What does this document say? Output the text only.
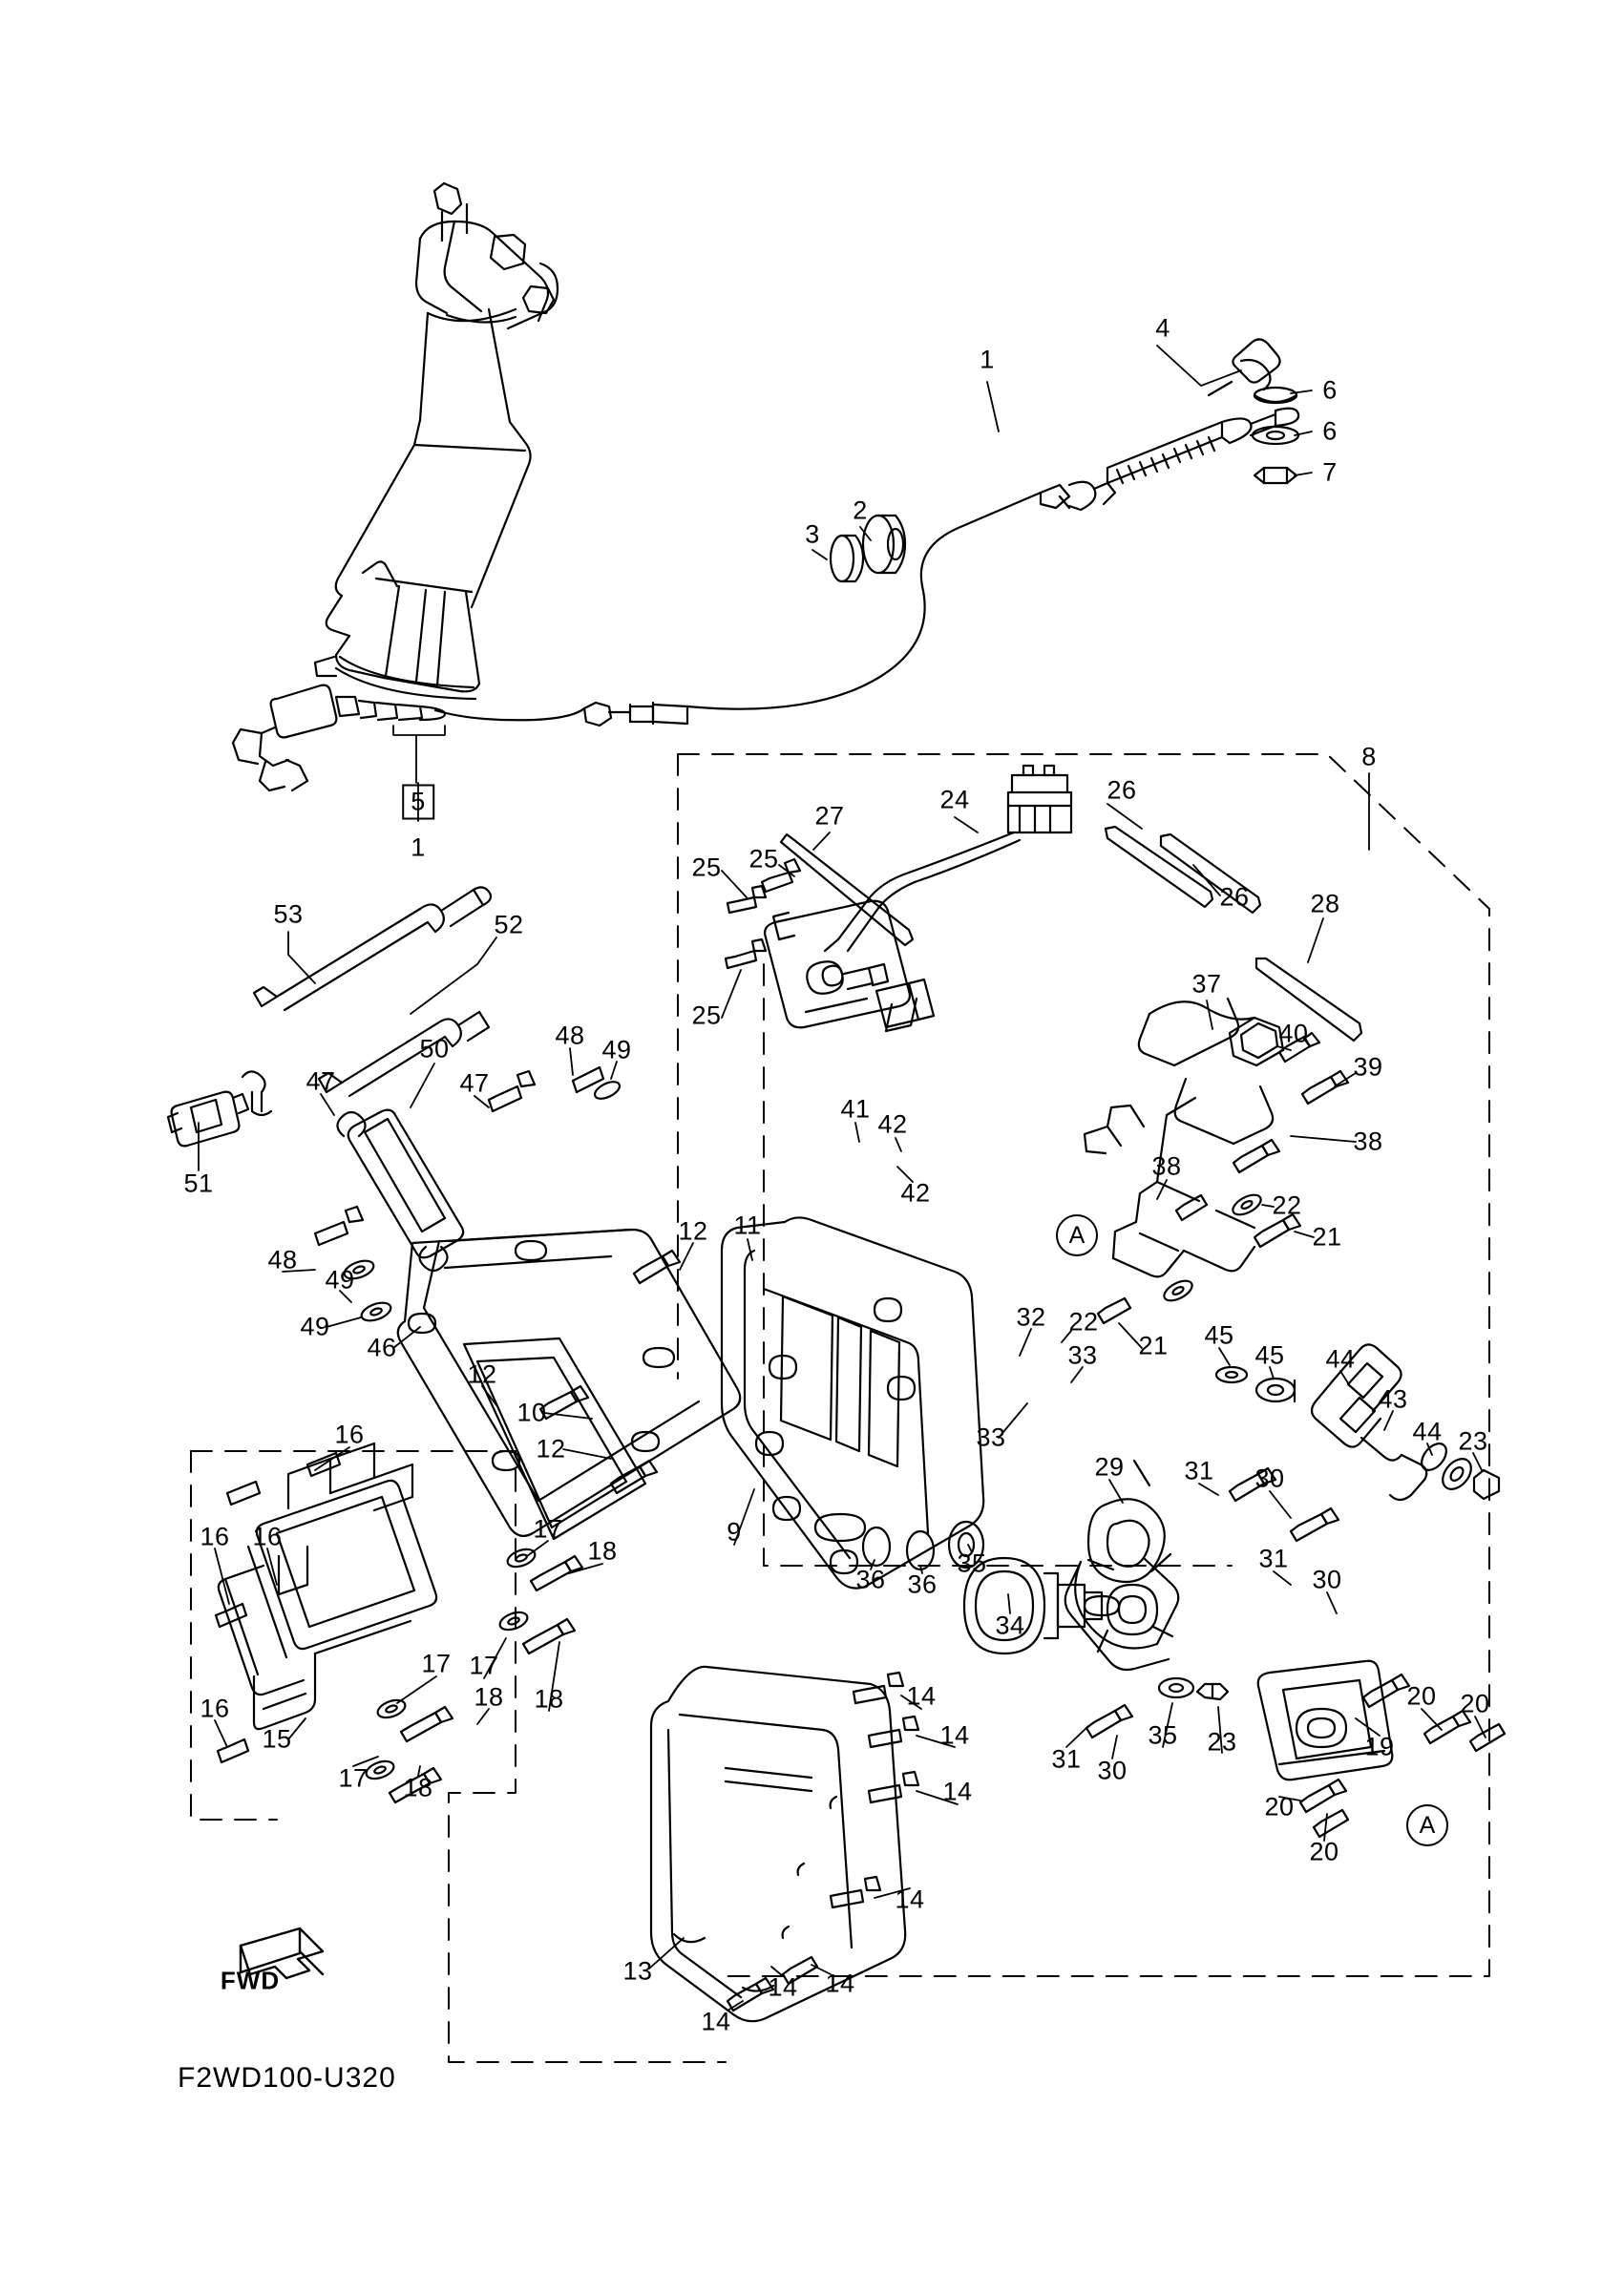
4
1
6
6
7
2
3
8
5
1
27
24	26
25 25
26 28
53	52
25
37
40
39
50	48 49
47	47
38
41
42
38
51	42	22
21
12 11
48
49
49
46
32 22
33 21 45
45 44
12
10	43
44 23
12	33
29 31 30
16
17
18
16 16	9
36 36
35
34
31
30
17 17
18 18
16	14	20 20
15	14	23
35	19
17 18
31 30
14
20
20
14
13
14 14
14
A
A
FWD
F2WD100-U320
